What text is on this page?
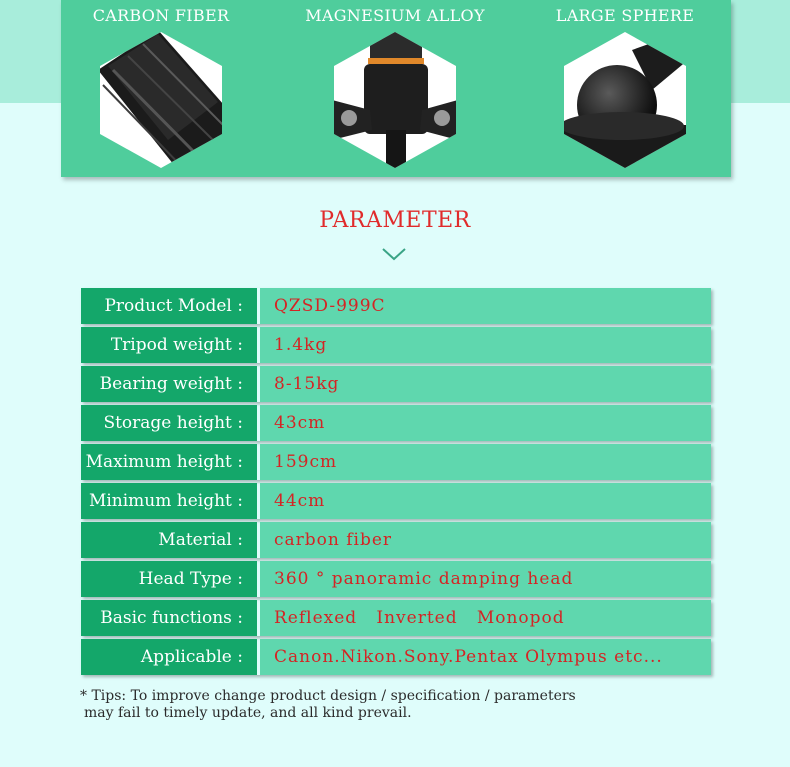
CARBON FIBER	MAGNESIUM ALLOY	LARGE SPHERE
PARAMETER
Product Model :	QZSD-999C
Tripod weight :	1.4kg
Bearing weight :	8-15kg
Storage height :	43cm
Maximum height :	159cm
Minimum height :	44cm
Material :	carbon fiber
Head Type :	360 ° panoramic damping head
Basic functions :	Reflexed   Inverted   Monopod
Applicable :	Canon.Nikon.Sony.Pentax Olympus etc...
* Tips: To improve change product design / specification / parameters
may fail to timely update, and all kind prevail.
